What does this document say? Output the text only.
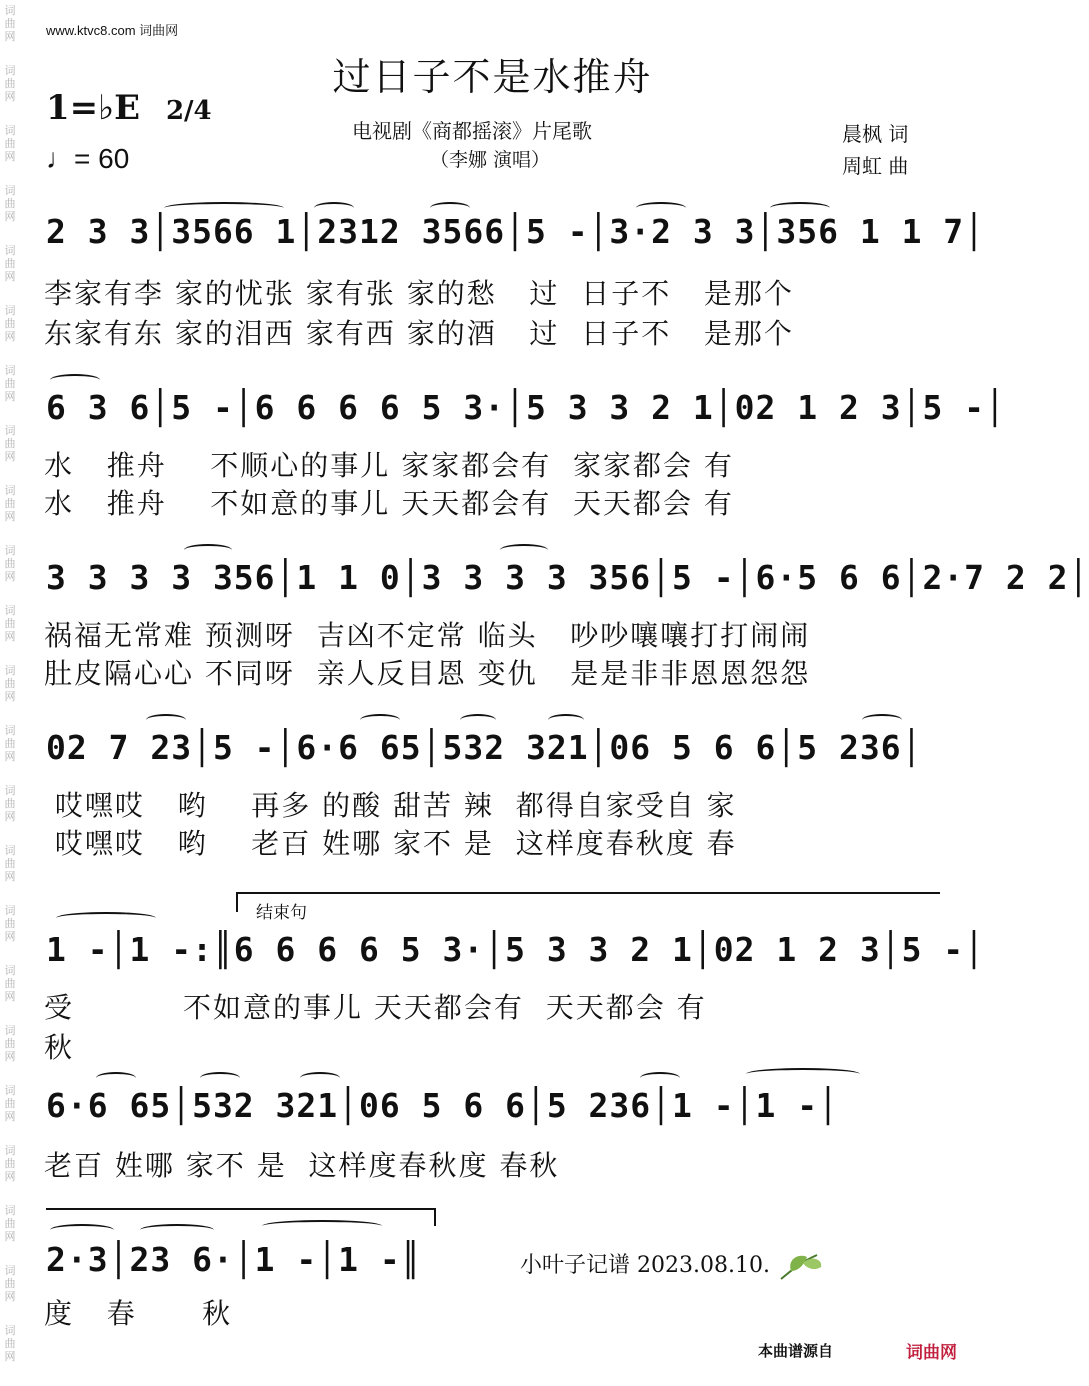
词曲网
词曲网
词曲网
词曲网
词曲网
词曲网
词曲网
词曲网
词曲网
词曲网
词曲网
词曲网
词曲网
词曲网
词曲网
词曲网
词曲网
词曲网
词曲网
词曲网
词曲网
词曲网
词曲网
www.ktvc8.com 词曲网
过日子不是水推舟
1=♭E 2/4
♩= 60
电视剧《商都摇滚》片尾歌
（李娜 演唱）
晨枫 词
周虹 曲
2 3 3│3566 1│2312 3566│5 -│3·2 3 3│356 1 1 7│
李家有李 家的忧张 家有张 家的愁   过  日子不   是那个
东家有东 家的泪西 家有西 家的酒   过  日子不   是那个
6 3 6│5 -│6 6 6 6 5 3·│5 3 3 2 1│02 1 2 3│5 -│
水   推舟    不顺心的事儿 家家都会有  家家都会 有
水   推舟    不如意的事儿 天天都会有  天天都会 有
3 3 3 3 356│1 1 0│3 3 3 3 356│5 -│6·5 6 6│2·7 2 2│
祸福无常难 预测呀  吉凶不定常 临头   吵吵嚷嚷打打闹闹
肚皮隔心心 不同呀  亲人反目恩 变仇   是是非非恩恩怨怨
02 7 23│5 -│6·6 65│532 321│06 5 6 6│5 236│
哎嘿哎   哟    再多 的酸 甜苦 辣  都得自家受自 家
哎嘿哎   哟    老百 姓哪 家不 是  这样度春秋度 春
结束句
1 -│1 -:║6 6 6 6 5 3·│5 3 3 2 1│02 1 2 3│5 -│
受          不如意的事儿 天天都会有  天天都会 有
秋
6·6 65│532 321│06 5 6 6│5 236│1 -│1 -│
老百 姓哪 家不 是  这样度春秋度 春秋
2·3│23 6·│1 -│1 -║
度   春      秋
小叶子记谱 2023.08.10.
本曲谱源自	词曲网
